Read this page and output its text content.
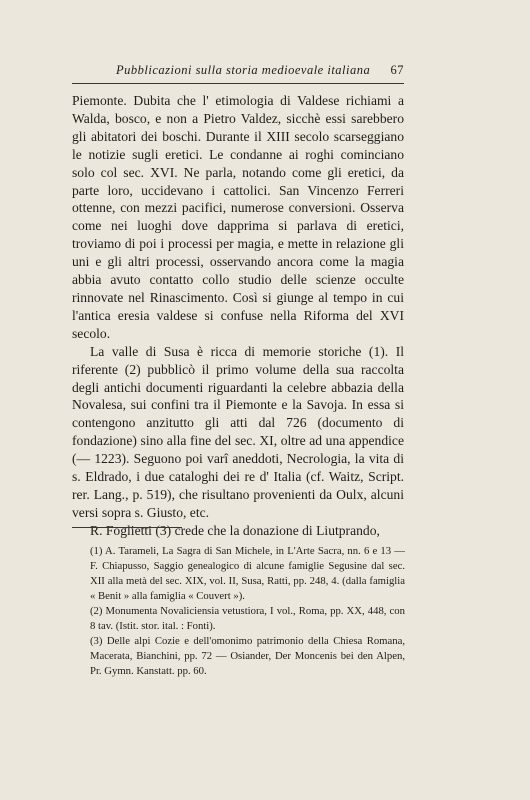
Pubblicazioni sulla storia medioevale italiana 67

Piemonte. Dubita che l' etimologia di Valdese richiami a Walda, bosco, e non a Pietro Valdez, sicchè essi sarebbero gli abitatori dei boschi. Durante il XIII secolo scarseggiano le notizie sugli eretici. Le condanne ai roghi cominciano solo col sec. XVI. Ne parla, notando come gli eretici, da parte loro, uccidevano i cattolici. San Vincenzo Ferreri ottenne, con mezzi pacifici, numerose conversioni. Osserva come nei luoghi dove dapprima si parlava di eretici, troviamo di poi i processi per magia, e mette in relazione gli uni e gli altri processi, osservando ancora come la magia abbia avuto contatto collo studio delle scienze occulte rinnovate nel Rinascimento. Così si giunge al tempo in cui l'antica eresia valdese si confuse nella Riforma del XVI secolo.

La valle di Susa è ricca di memorie storiche (1). Il riferente (2) pubblicò il primo volume della sua raccolta degli antichi documenti riguardanti la celebre abbazia della Novalesa, sui confini tra il Piemonte e la Savoja. In essa si contengono anzitutto gli atti dal 726 (documento di fondazione) sino alla fine del sec. XI, oltre ad una appendice (— 1223). Seguono poi varî aneddoti, Necrologia, la vita di s. Eldrado, i due cataloghi dei re d' Italia (cf. Waitz, Script. rer. Lang., p. 519), che risultano provenienti da Oulx, alcuni versi sopra s. Giusto, etc.

R. Foglietti (3) crede che la donazione di Liutprando,

(1) A. Tarameli, La Sagra di San Michele, in L'Arte Sacra, nn. 6 e 13 — F. Chiapusso, Saggio genealogico di alcune famiglie Segusine dal sec. XII alla metà del sec. XIX, vol. II, Susa, Ratti, pp. 248, 4. (dalla famiglia « Benit » alla famiglia « Couvert »).

(2) Monumenta Novaliciensia vetustiora, I vol., Roma, pp. XX, 448, con 8 tav. (Istit. stor. ital. : Fonti).

(3) Delle alpi Cozie e dell'omonimo patrimonio della Chiesa Romana, Macerata, Bianchini, pp. 72 — Osiander, Der Moncenis bei den Alpen, Pr. Gymn. Kanstatt. pp. 60.
